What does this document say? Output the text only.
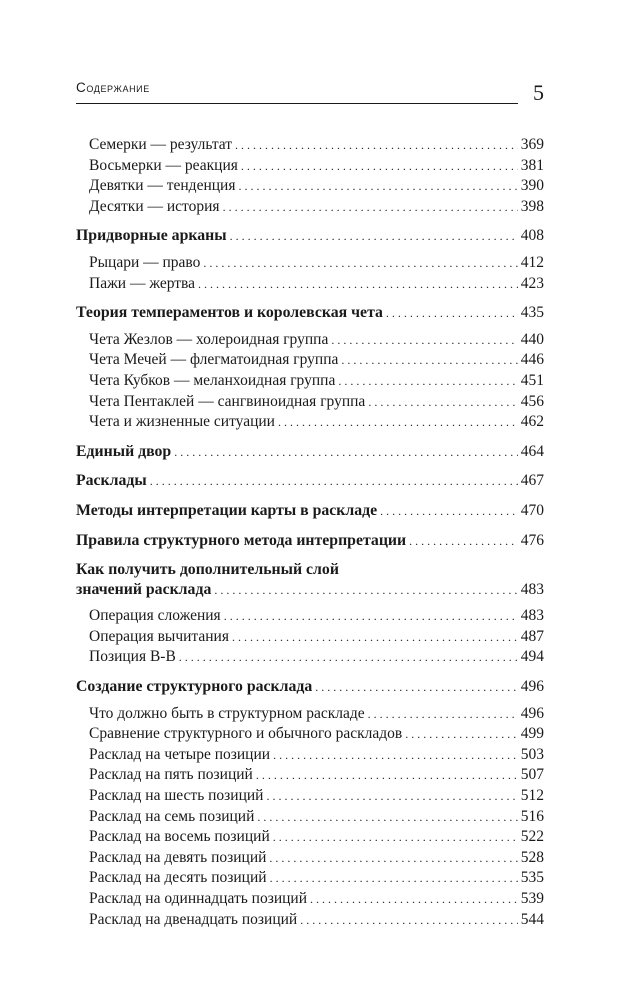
Содержание	5
Семерки — результат . . .	369
Восьмерки — реакция . . .	381
Девятки — тенденция . . .	390
Десятки — история . . .	398
Придворные арканы . . .	408
Рыцари — право . . .	412
Пажи — жертва . . .	423
Теория темпераментов и королевская чета . . .	435
Чета Жезлов — холероидная группа . . .	440
Чета Мечей — флегматоидная группа . . .	446
Чета Кубков — меланхоидная группа . . .	451
Чета Пентаклей — сангвиноидная группа . . .	456
Чета и жизненные ситуации . . .	462
Единый двор . . .	464
Расклады . . .	467
Методы интерпретации карты в раскладе . . .	470
Правила структурного метода интерпретации . . .	476
Как получить дополнительный слой
значений расклада . . .	483
Операция сложения . . .	483
Операция вычитания . . .	487
Позиция В-В . . .	494
Создание структурного расклада . . .	496
Что должно быть в структурном раскладе . . .	496
Сравнение структурного и обычного раскладов . . .	499
Расклад на четыре позиции . . .	503
Расклад на пять позиций . . .	507
Расклад на шесть позиций . . .	512
Расклад на семь позиций . . .	516
Расклад на восемь позиций . . .	522
Расклад на девять позиций . . .	528
Расклад на десять позиций . . .	535
Расклад на одиннадцать позиций . . .	539
Расклад на двенадцать позиций . . .	544
